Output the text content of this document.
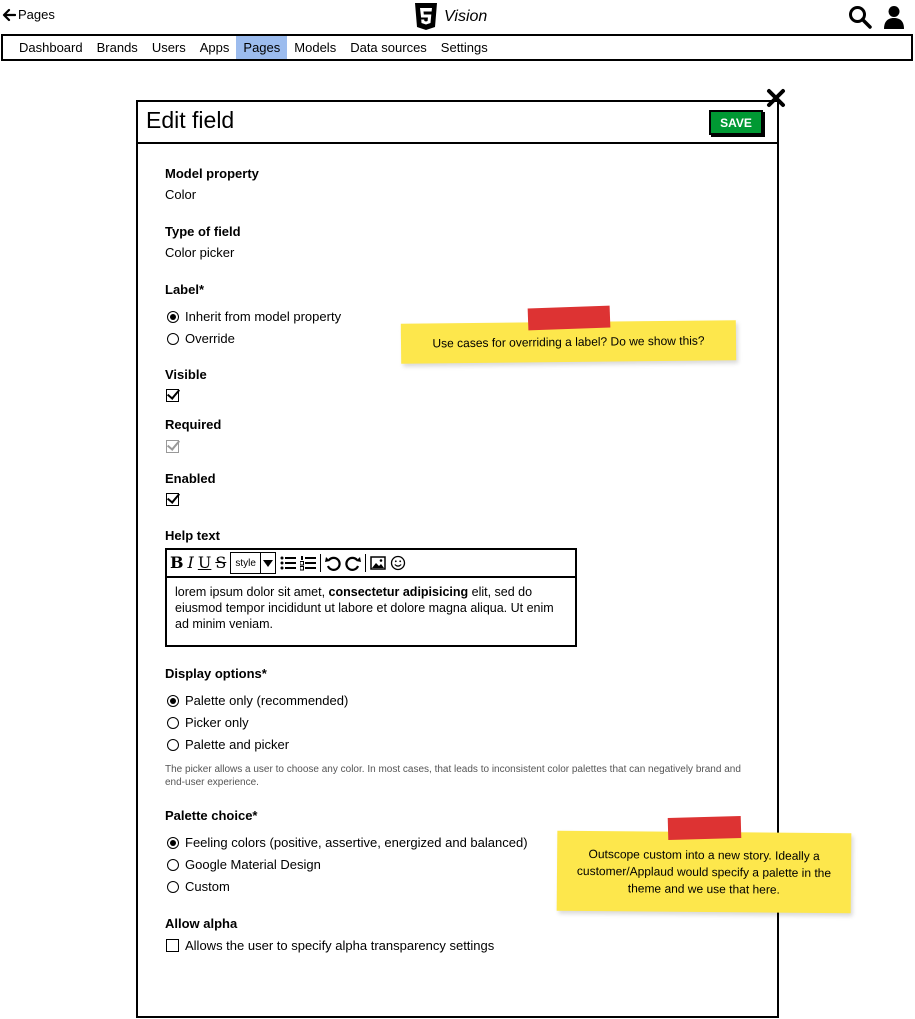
Pages	Vision
Dashboard	Brands	Users	Apps	Pages	Models	Data sources	Settings
Edit field	SAVE
Model property
Color
Type of field
Color picker
Label*
Inherit from model property
Override
Visible
Required
Enabled
Help text
B I U S style
lorem ipsum dolor sit amet, consectetur adipisicing elit, sed do eiusmod tempor incididunt ut labore et dolore magna aliqua. Ut enim ad minim veniam.
Display options*
Palette only (recommended)
Picker only
Palette and picker
The picker allows a user to choose any color. In most cases, that leads to inconsistent color palettes that can negatively brand and end-user experience.
Palette choice*
Feeling colors (positive, assertive, energized and balanced)
Google Material Design
Custom
Allow alpha
Allows the user to specify alpha transparency settings
Use cases for overriding a label? Do we show this?
Outscope custom into a new story. Ideally a customer/Applaud would specify a palette in the theme and we use that here.
